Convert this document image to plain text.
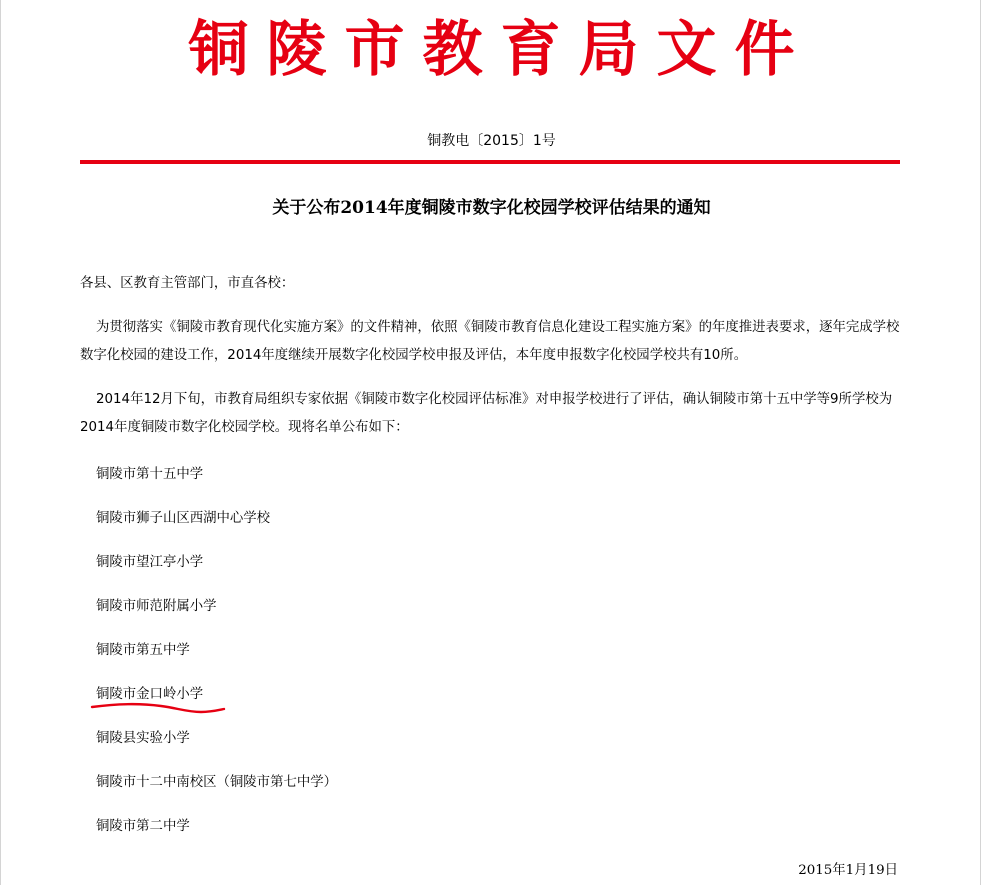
铜陵市教育局文件
铜教电〔2015〕1号
关于公布2014年度铜陵市数字化校园学校评估结果的通知

各县、区教育主管部门，市直各校：

为贯彻落实《铜陵市教育现代化实施方案》的文件精神，依照《铜陵市教育信息化建设工程实施方案》的年度推进表要求，逐年完成学校数字化校园的建设工作，2014年度继续开展数字化校园学校申报及评估，本年度申报数字化校园学校共有10所。

2014年12月下旬，市教育局组织专家依据《铜陵市数字化校园评估标准》对申报学校进行了评估，确认铜陵市第十五中学等9所学校为2014年度铜陵市数字化校园学校。现将名单公布如下：

铜陵市第十五中学
铜陵市狮子山区西湖中心学校
铜陵市望江亭小学
铜陵市师范附属小学
铜陵市第五中学
铜陵市金口岭小学
铜陵县实验小学
铜陵市十二中南校区（铜陵市第七中学）
铜陵市第二中学
2015年1月19日
